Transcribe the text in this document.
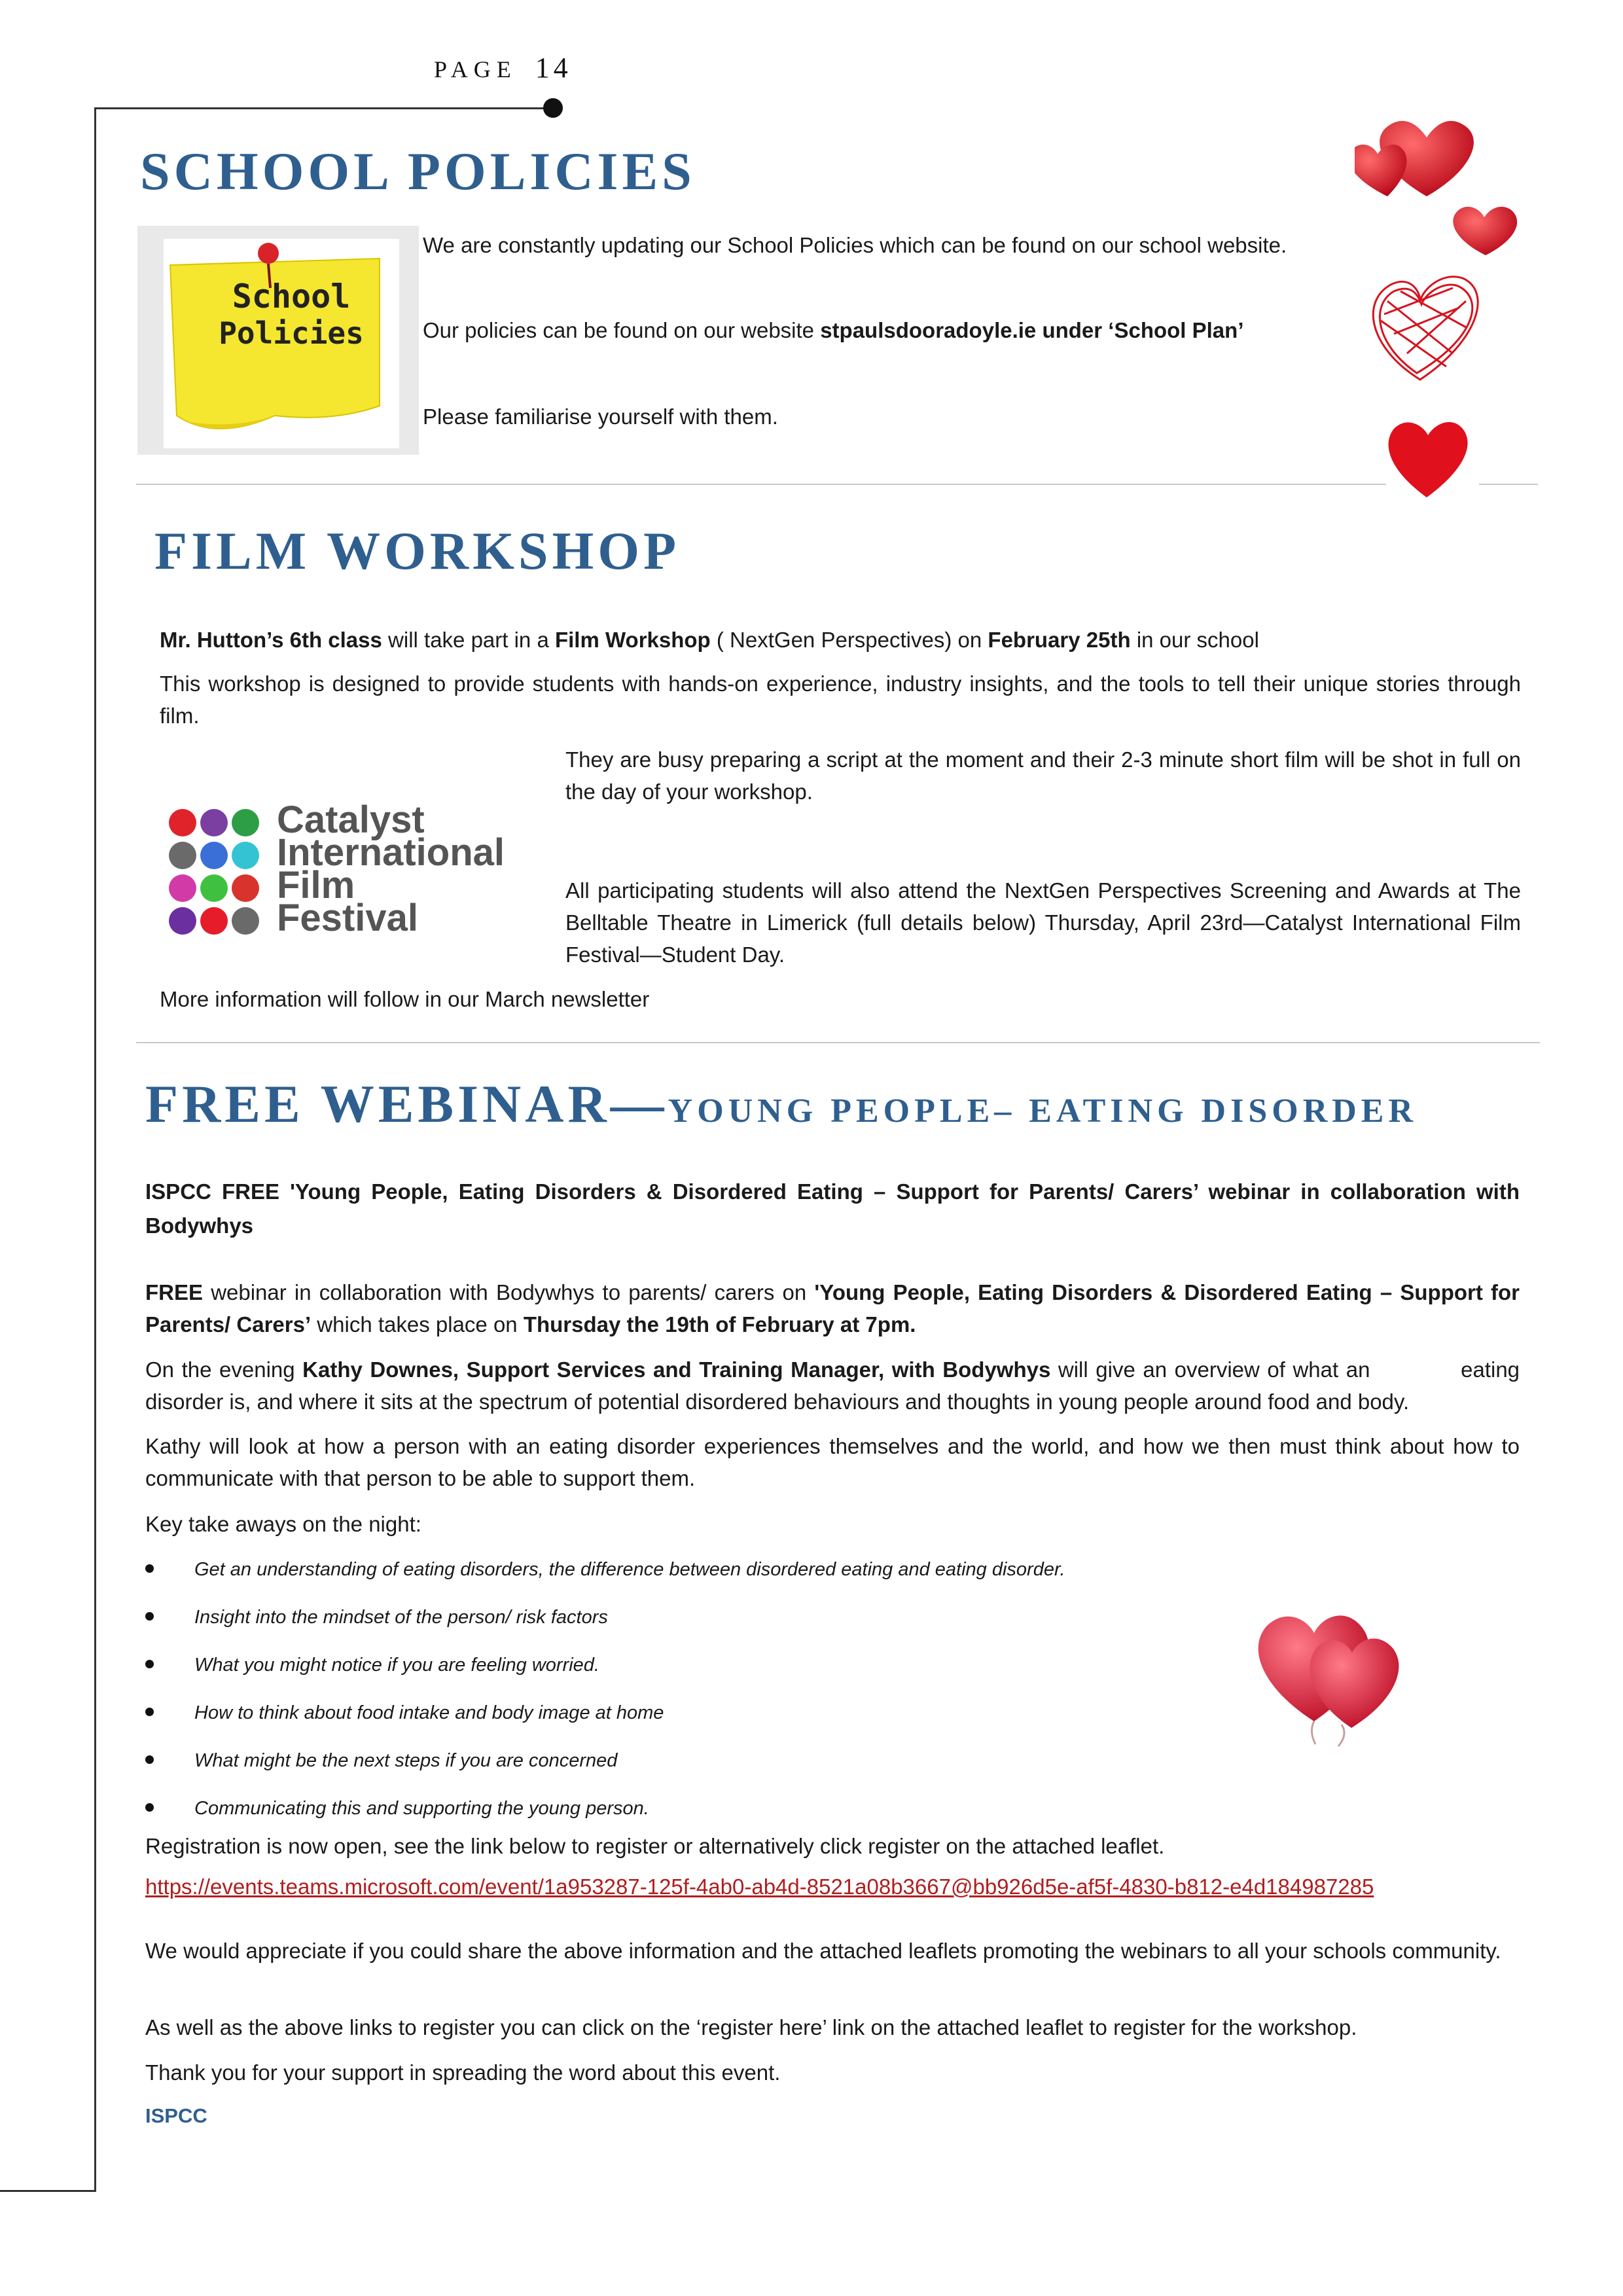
PAGE 14
SCHOOL POLICIES
School
Policies
We are constantly updating our School Policies which can be found on our school website.
Our policies can be found on our website stpaulsdooradoyle.ie under ‘School Plan’
Please familiarise yourself with them.
FILM WORKSHOP
Mr. Hutton’s 6th class will take part in a Film Workshop ( NextGen Perspectives) on February 25th in our school
This workshop is designed to provide students with hands-on experience, industry insights, and the tools to tell their unique stories through film.
Catalyst
International
Film
Festival
They are busy preparing a script at the moment and their 2-3 minute short film will be shot in full on the day of your workshop.
All participating students will also attend the NextGen Perspectives Screening and Awards at The Belltable Theatre in Limerick (full details below) Thursday, April 23rd—Catalyst International Film Festival—Student Day.
More information will follow in our March newsletter
FREE WEBINAR—YOUNG PEOPLE– EATING DISORDER
ISPCC FREE 'Young People, Eating Disorders & Disordered Eating – Support for Parents/ Carers’ webinar in collaboration with Bodywhys
FREE webinar in collaboration with Bodywhys to parents/ carers on 'Young People, Eating Disorders & Disordered Eating – Support for Parents/ Carers’ which takes place on Thursday the 19th of February at 7pm.
On the evening Kathy Downes, Support Services and Training Manager, with Bodywhys will give an overview of what an            eating disorder is, and where it sits at the spectrum of potential disordered behaviours and thoughts in young people around food and body.
Kathy will look at how a person with an eating disorder experiences themselves and the world, and how we then must think about how to communicate with that person to be able to support them.
Key take aways on the night:
Get an understanding of eating disorders, the difference between disordered eating and eating disorder.
Insight into the mindset of the person/ risk factors
What you might notice if you are feeling worried.
How to think about food intake and body image at home
What might be the next steps if you are concerned
Communicating this and supporting the young person.
Registration is now open, see the link below to register or alternatively click register on the attached leaflet.
https://events.teams.microsoft.com/event/1a953287-125f-4ab0-ab4d-8521a08b3667@bb926d5e-af5f-4830-b812-e4d184987285
We would appreciate if you could share the above information and the attached leaflets promoting the webinars to all your schools community.
As well as the above links to register you can click on the ‘register here’ link on the attached leaflet to register for the workshop.
Thank you for your support in spreading the word about this event.
ISPCC
